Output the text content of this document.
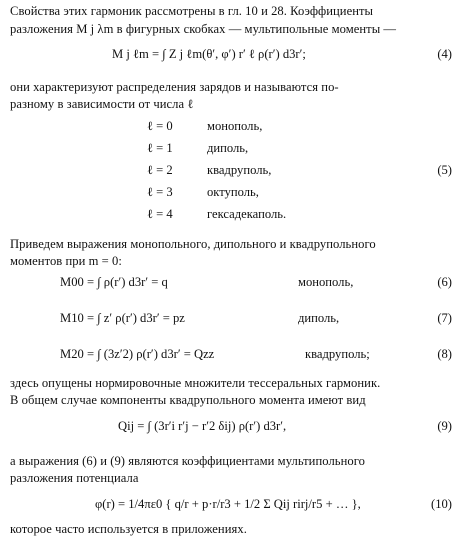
Свойства этих гармоник рассмотрены в гл. 10 и 28. Коэффициенты
разложения M j λm в фигурных скобках — мультипольные моменты —
M j ℓm = ∫ Z j ℓm(θ′, φ′) r′ ℓ ρ(r′) d3r′;	(4)
они характеризуют распределения зарядов и называются по-
разному в зависимости от числа ℓ
ℓ = 0	монополь,
ℓ = 1	диполь,
ℓ = 2	квадруполь,
ℓ = 3	октуполь,
ℓ = 4	гексадекаполь.
(5)
Приведем выражения монопольного, дипольного и квадрупольного
моментов при m = 0:
M00 = ∫ ρ(r′) d3r′ = q	монополь,	(6)
M10 = ∫ z′ ρ(r′) d3r′ = pz	диполь,	(7)
M20 = ∫ (3z′2) ρ(r′) d3r′ = Qzz	квадруполь;	(8)
здесь опущены нормировочные множители тессеральных гармоник.
В общем случае компоненты квадрупольного момента имеют вид
Qij = ∫ (3r′i r′j − r′2 δij) ρ(r′) d3r′,	(9)
а выражения (6) и (9) являются коэффициентами мультипольного
разложения потенциала
φ(r) = 1/4πε0 { q/r + p·r/r3 + 1/2 Σ Qij rirj/r5 + … },	(10)
которое часто используется в приложениях.
